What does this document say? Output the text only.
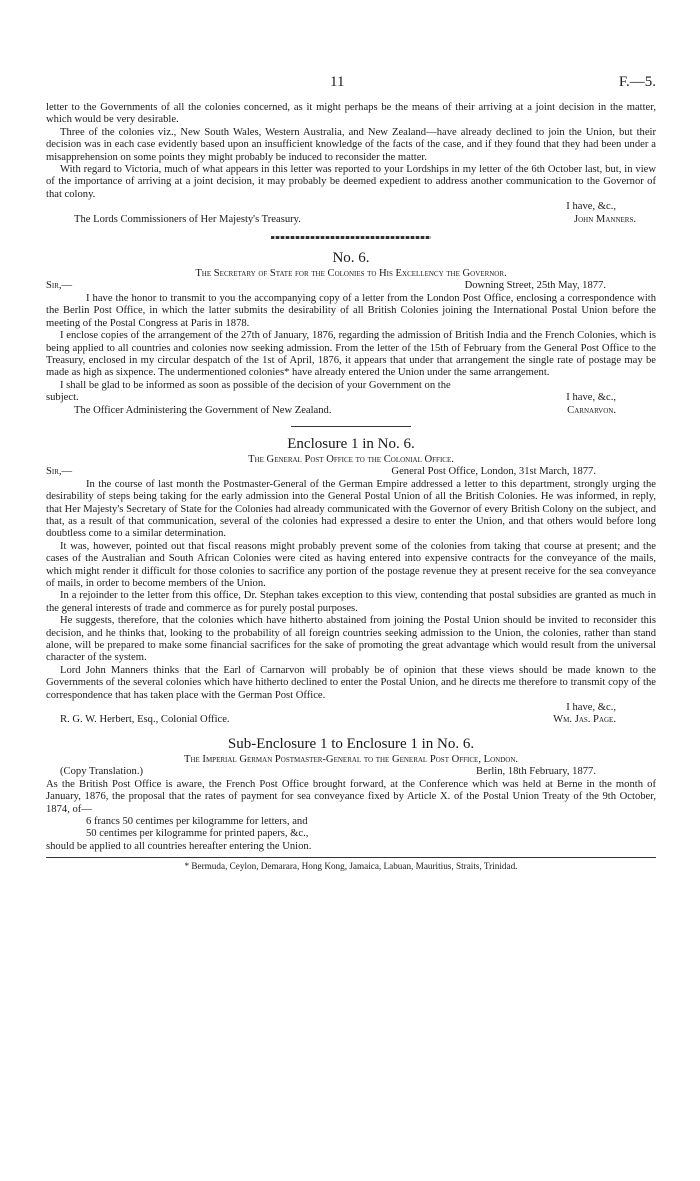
11	F.—5.

letter to the Governments of all the colonies concerned, as it might perhaps be the means of their arriving at a joint decision in the matter, which would be very desirable.

Three of the colonies viz., New South Wales, Western Australia, and New Zealand—have already declined to join the Union, but their decision was in each case evidently based upon an insufficient knowledge of the facts of the case, and if they found that they had been under a misapprehension on some points they might probably be induced to reconsider the matter.

With regard to Victoria, much of what appears in this letter was reported to your Lordships in my letter of the 6th October last, but, in view of the importance of arriving at a joint decision, it may probably be deemed expedient to address another communication to the Governor of that colony.

I have, &c.,
The Lords Commissioners of Her Majesty's Treasury.	John Manners.
No. 6.
The Secretary of State for the Colonies to His Excellency the Governor.
Sir,—	Downing Street, 25th May, 1877.

I have the honor to transmit to you the accompanying copy of a letter from the London Post Office, enclosing a correspondence with the Berlin Post Office, in which the latter submits the desirability of all British Colonies joining the International Postal Union before the meeting of the Postal Congress at Paris in 1878.

I enclose copies of the arrangement of the 27th of January, 1876, regarding the admission of British India and the French Colonies, which is being applied to all countries and colonies now seeking admission. From the letter of the 15th of February from the General Post Office to the Treasury, enclosed in my circular despatch of the 1st of April, 1876, it appears that under that arrangement the single rate of postage may be made as high as sixpence. The undermentioned colonies* have already entered the Union under the same arrangement.

I shall be glad to be informed as soon as possible of the decision of your Government on the

subject.	I have, &c.,
The Officer Administering the Government of New Zealand.	Carnarvon.
Enclosure 1 in No. 6.
The General Post Office to the Colonial Office.
Sir,—	General Post Office, London, 31st March, 1877.

In the course of last month the Postmaster-General of the German Empire addressed a letter to this department, strongly urging the desirability of steps being taking for the early admission into the General Postal Union of all the British Colonies. He was informed, in reply, that Her Majesty's Secretary of State for the Colonies had already communicated with the Governor of every British Colony on the subject, and that, as a result of that communication, several of the colonies had expressed a desire to enter the Union, and that others would before long doubtless come to a similar determination.

It was, however, pointed out that fiscal reasons might probably prevent some of the colonies from taking that course at present; and the cases of the Australian and South African Colonies were cited as having entered into expensive contracts for the conveyance of the mails, which might render it difficult for those colonies to sacrifice any portion of the postage revenue they at present receive for the sea conveyance of mails, in order to become members of the Union.

In a rejoinder to the letter from this office, Dr. Stephan takes exception to this view, contending that postal subsidies are granted as much in the general interests of trade and commerce as for purely postal purposes.

He suggests, therefore, that the colonies which have hitherto abstained from joining the Postal Union should be invited to reconsider this decision, and he thinks that, looking to the probability of all foreign countries seeking admission to the Union, the colonies, rather than stand alone, will be prepared to make some financial sacrifices for the sake of promoting the great advantage which would result from the universal character of the system.

Lord John Manners thinks that the Earl of Carnarvon will probably be of opinion that these views should be made known to the Governments of the several colonies which have hitherto declined to enter the Postal Union, and he directs me therefore to transmit copy of the correspondence that has taken place with the German Post Office.

I have, &c.,
R. G. W. Herbert, Esq., Colonial Office.	Wm. Jas. Page.
Sub-Enclosure 1 to Enclosure 1 in No. 6.
The Imperial German Postmaster-General to the General Post Office, London.
(Copy Translation.)	Berlin, 18th February, 1877.

As the British Post Office is aware, the French Post Office brought forward, at the Conference which was held at Berne in the month of January, 1876, the proposal that the rates of payment for sea conveyance fixed by Article X. of the Postal Union Treaty of the 9th October, 1874, of—

6 francs 50 centimes per kilogramme for letters, and
50 centimes per kilogramme for printed papers, &c.,

should be applied to all countries hereafter entering the Union.

* Bermuda, Ceylon, Demarara, Hong Kong, Jamaica, Labuan, Mauritius, Straits, Trinidad.
